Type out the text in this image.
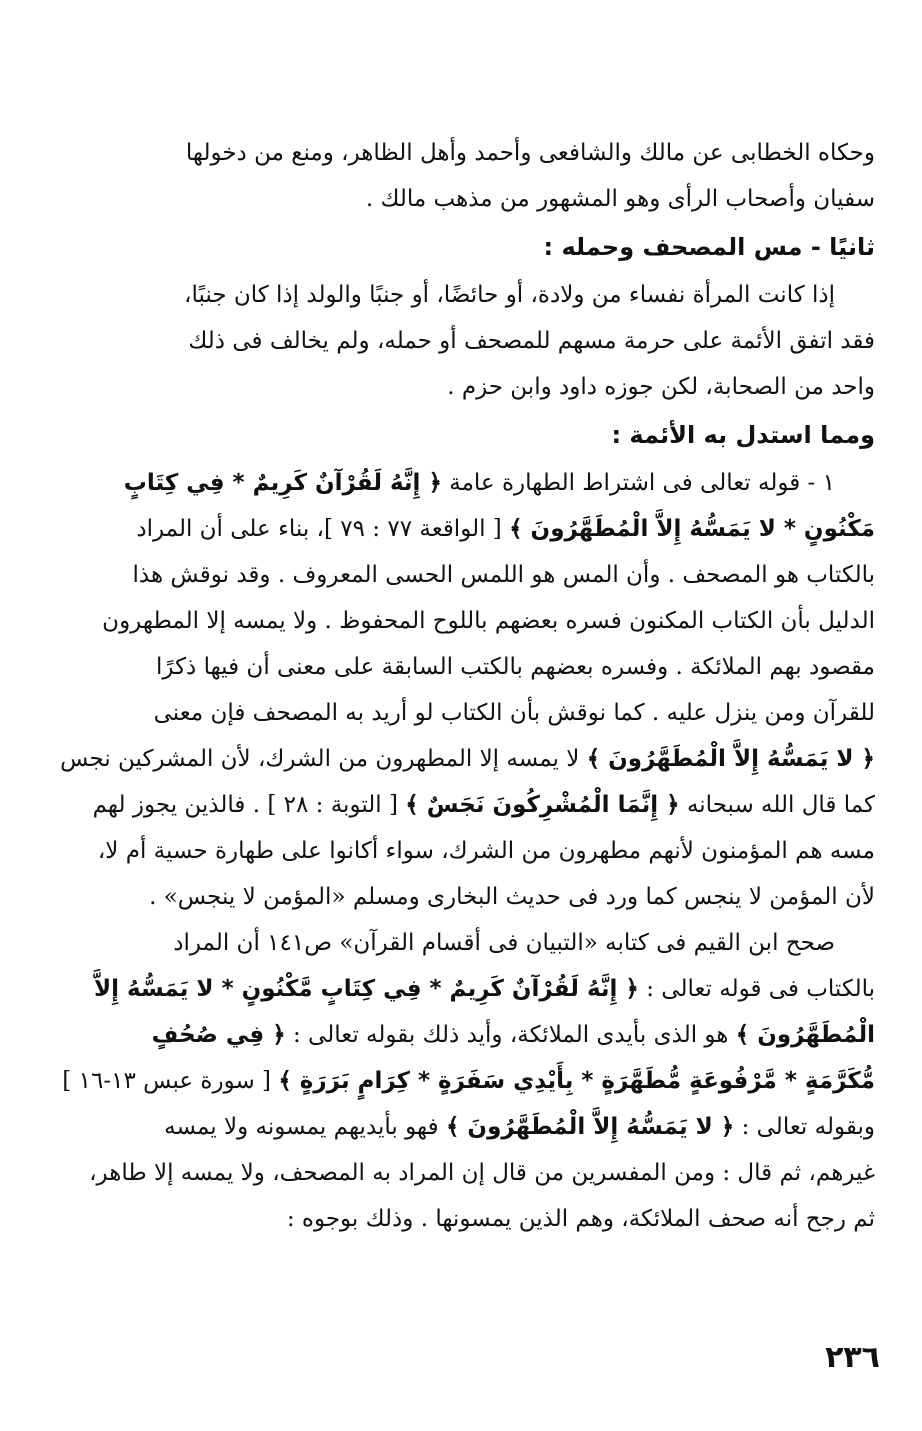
وحكاه الخطابى عن مالك والشافعى وأحمد وأهل الظاهر، ومنع من دخولها
سفيان وأصحاب الرأى وهو المشهور من مذهب مالك .
ثانيًا - مس المصحف وحمله :
إذا كانت المرأة نفساء من ولادة، أو حائضًا، أو جنبًا والولد إذا كان جنبًا،
فقد اتفق الأئمة على حرمة مسهم للمصحف أو حمله، ولم يخالف فى ذلك
واحد من الصحابة، لكن جوزه داود وابن حزم .
ومما استدل به الأئمة :
١ - قوله تعالى فى اشتراط الطهارة عامة ﴿ إِنَّهُ لَقُرْآنٌ كَرِيمٌ * فِي كِتَابٍ
مَكْنُونٍ * لا يَمَسُّهُ إِلاَّ الْمُطَهَّرُونَ ﴾ [ الواقعة ٧٧ : ٧٩ ]، بناء على أن المراد
بالكتاب هو المصحف . وأن المس هو اللمس الحسى المعروف . وقد نوقش هذا
الدليل بأن الكتاب المكنون فسره بعضهم باللوح المحفوظ . ولا يمسه إلا المطهرون
مقصود بهم الملائكة . وفسره بعضهم بالكتب السابقة على معنى أن فيها ذكرًا
للقرآن ومن ينزل عليه . كما نوقش بأن الكتاب لو أريد به المصحف فإن معنى
﴿ لا يَمَسُّهُ إِلاَّ الْمُطَهَّرُونَ ﴾ لا يمسه إلا المطهرون من الشرك، لأن المشركين نجس
كما قال الله سبحانه ﴿ إِنَّمَا الْمُشْرِكُونَ نَجَسٌ ﴾ [ التوبة : ٢٨ ] . فالذين يجوز لهم
مسه هم المؤمنون لأنهم مطهرون من الشرك، سواء أكانوا على طهارة حسية أم لا،
لأن المؤمن لا ينجس كما ورد فى حديث البخارى ومسلم «المؤمن لا ينجس» .
صحح ابن القيم فى كتابه «التبيان فى أقسام القرآن» ص١٤١ أن المراد
بالكتاب فى قوله تعالى : ﴿ إِنَّهُ لَقُرْآنٌ كَرِيمٌ * فِي كِتَابٍ مَّكْنُونٍ * لا يَمَسُّهُ إِلاَّ
الْمُطَهَّرُونَ ﴾ هو الذى بأيدى الملائكة، وأيد ذلك بقوله تعالى : ﴿ فِي صُحُفٍ
مُّكَرَّمَةٍ * مَّرْفُوعَةٍ مُّطَهَّرَةٍ * بِأَيْدِي سَفَرَةٍ * كِرَامٍ بَرَرَةٍ ﴾ [ سورة عبس ١٣-١٦ ]
وبقوله تعالى : ﴿ لا يَمَسُّهُ إِلاَّ الْمُطَهَّرُونَ ﴾ فهو بأيديهم يمسونه ولا يمسه
غيرهم، ثم قال : ومن المفسرين من قال إن المراد به المصحف، ولا يمسه إلا طاهر،
ثم رجح أنه صحف الملائكة، وهم الذين يمسونها . وذلك بوجوه :
٢٣٦
